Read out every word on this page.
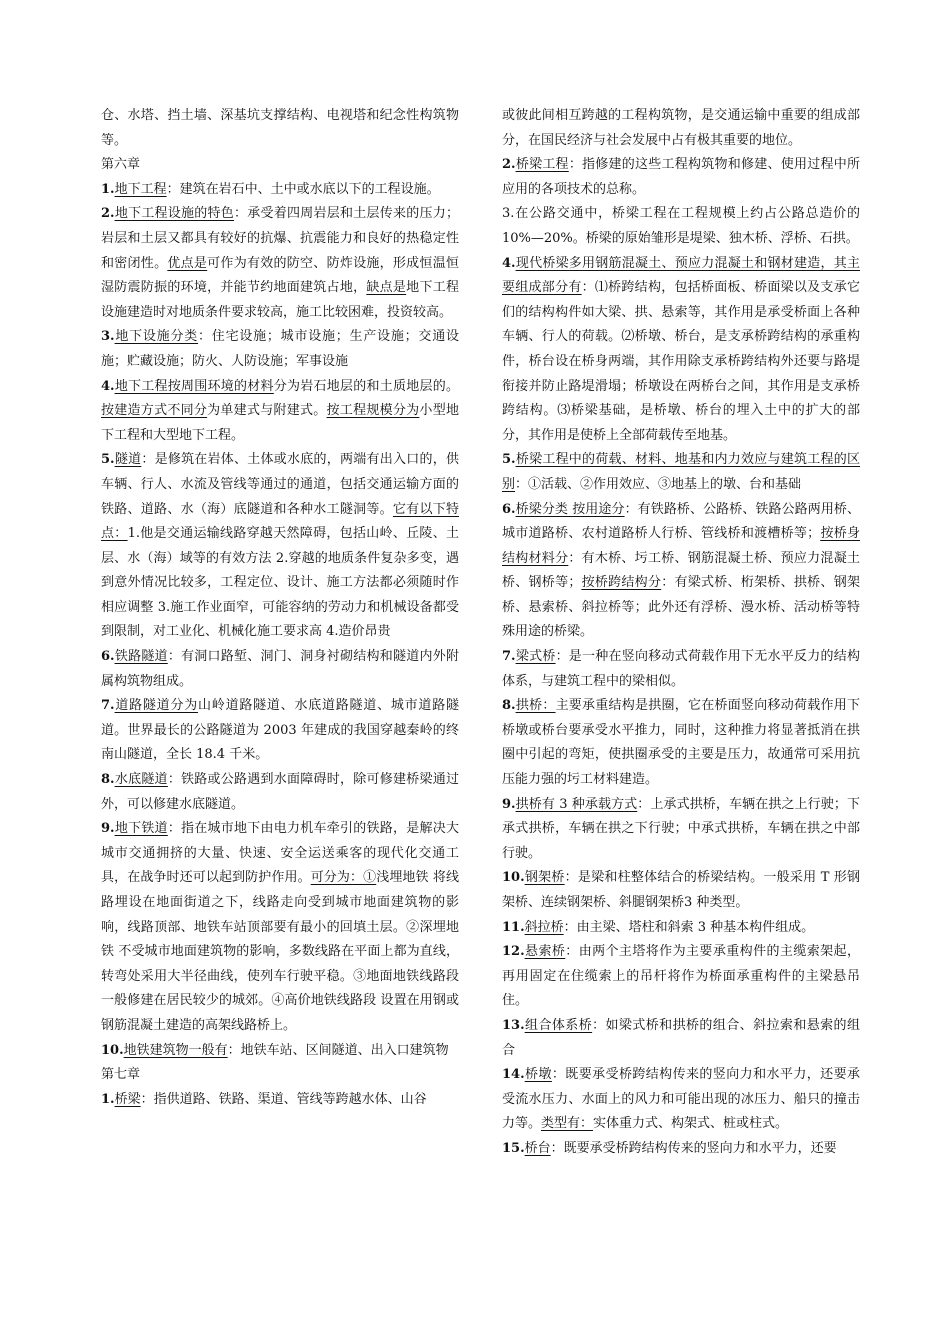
仓、水塔、挡土墙、深基坑支撑结构、电视塔和纪念性构筑物等。

第六章

1.地下工程：建筑在岩石中、土中或水底以下的工程设施。

2.地下工程设施的特色：承受着四周岩层和土层传来的压力；岩层和土层又都具有较好的抗爆、抗震能力和良好的热稳定性和密闭性。优点是可作为有效的防空、防炸设施，形成恒温恒湿防震防振的环境，并能节约地面建筑占地，缺点是地下工程设施建造时对地质条件要求较高，施工比较困难，投资较高。

3.地下设施分类：住宅设施；城市设施；生产设施；交通设施；贮藏设施；防火、人防设施；军事设施

4.地下工程按周围环境的材料分为岩石地层的和土质地层的。按建造方式不同分为单建式与附建式。按工程规模分为小型地下工程和大型地下工程。

5.隧道：是修筑在岩体、土体或水底的，两端有出入口的，供车辆、行人、水流及管线等通过的通道，包括交通运输方面的铁路、道路、水（海）底隧道和各种水工隧洞等。它有以下特点：1.他是交通运输线路穿越天然障碍，包括山岭、丘陵、土层、水（海）域等的有效方法 2.穿越的地质条件复杂多变，遇到意外情况比较多，工程定位、设计、施工方法都必须随时作相应调整 3.施工作业面窄，可能容纳的劳动力和机械设备都受到限制，对工业化、机械化施工要求高 4.造价昂贵

6.铁路隧道：有洞口路堑、洞门、洞身衬砌结构和隧道内外附属构筑物组成。

7.道路隧道分为山岭道路隧道、水底道路隧道、城市道路隧道。世界最长的公路隧道为 2003 年建成的我国穿越秦岭的终南山隧道，全长 18.4 千米。

8.水底隧道：铁路或公路遇到水面障碍时，除可修建桥梁通过外，可以修建水底隧道。

9.地下铁道：指在城市地下由电力机车牵引的铁路，是解决大城市交通拥挤的大量、快速、安全运送乘客的现代化交通工具，在战争时还可以起到防护作用。可分为：①浅埋地铁 将线路埋设在地面街道之下，线路走向受到城市地面建筑物的影响，线路顶部、地铁车站顶部要有最小的回填土层。②深埋地铁 不受城市地面建筑物的影响，多数线路在平面上都为直线，转弯处采用大半径曲线，使列车行驶平稳。③地面地铁线路段 一般修建在居民较少的城郊。④高价地铁线路段 设置在用钢或钢筋混凝土建造的高架线路桥上。

10.地铁建筑物一般有：地铁车站、区间隧道、出入口建筑物

第七章

1.桥梁：指供道路、铁路、渠道、管线等跨越水体、山谷

或彼此间相互跨越的工程构筑物，是交通运输中重要的组成部分，在国民经济与社会发展中占有极其重要的地位。

2.桥梁工程：指修建的这些工程构筑物和修建、使用过程中所应用的各项技术的总称。

3.在公路交通中，桥梁工程在工程规模上约占公路总造价的 10%—20%。桥梁的原始雏形是堤梁、独木桥、浮桥、石拱。

4.现代桥梁多用钢筋混凝土、预应力混凝土和钢材建造，其主要组成部分有：⑴桥跨结构，包括桥面板、桥面梁以及支承它们的结构构件如大梁、拱、悬索等，其作用是承受桥面上各种车辆、行人的荷载。⑵桥墩、桥台，是支承桥跨结构的承重构件，桥台设在桥身两端，其作用除支承桥跨结构外还要与路堤衔接并防止路堤滑塌；桥墩设在两桥台之间，其作用是支承桥跨结构。⑶桥梁基础，是桥墩、桥台的埋入土中的扩大的部分，其作用是使桥上全部荷载传至地基。

5.桥梁工程中的荷载、材料、地基和内力效应与建筑工程的区别：①活载、②作用效应、③地基上的墩、台和基础

6.桥梁分类 按用途分：有铁路桥、公路桥、铁路公路两用桥、城市道路桥、农村道路桥人行桥、管线桥和渡槽桥等；按桥身结构材料分：有木桥、圬工桥、钢筋混凝土桥、预应力混凝土桥、钢桥等；按桥跨结构分：有梁式桥、桁架桥、拱桥、钢架桥、悬索桥、斜拉桥等；此外还有浮桥、漫水桥、活动桥等特殊用途的桥梁。

7.梁式桥：是一种在竖向移动式荷载作用下无水平反力的结构体系，与建筑工程中的梁相似。

8.拱桥：主要承重结构是拱圈，它在桥面竖向移动荷载作用下桥墩或桥台要承受水平推力，同时，这种推力将显著抵消在拱圈中引起的弯矩，使拱圈承受的主要是压力，故通常可采用抗压能力强的圬工材料建造。

9.拱桥有 3 种承载方式：上承式拱桥，车辆在拱之上行驶；下承式拱桥，车辆在拱之下行驶；中承式拱桥，车辆在拱之中部行驶。

10.钢架桥：是梁和柱整体结合的桥梁结构。一般采用 T 形钢架桥、连续钢架桥、斜腿钢架桥3 种类型。

11.斜拉桥：由主梁、塔柱和斜索 3 种基本构件组成。

12.悬索桥：由两个主塔将作为主要承重构件的主缆索架起，再用固定在住缆索上的吊杆将作为桥面承重构件的主梁悬吊住。

13.组合体系桥：如梁式桥和拱桥的组合、斜拉索和悬索的组合

14.桥墩：既要承受桥跨结构传来的竖向力和水平力，还要承受流水压力、水面上的风力和可能出现的冰压力、船只的撞击力等。类型有：实体重力式、构架式、桩或柱式。

15.桥台：既要承受桥跨结构传来的竖向力和水平力，还要
